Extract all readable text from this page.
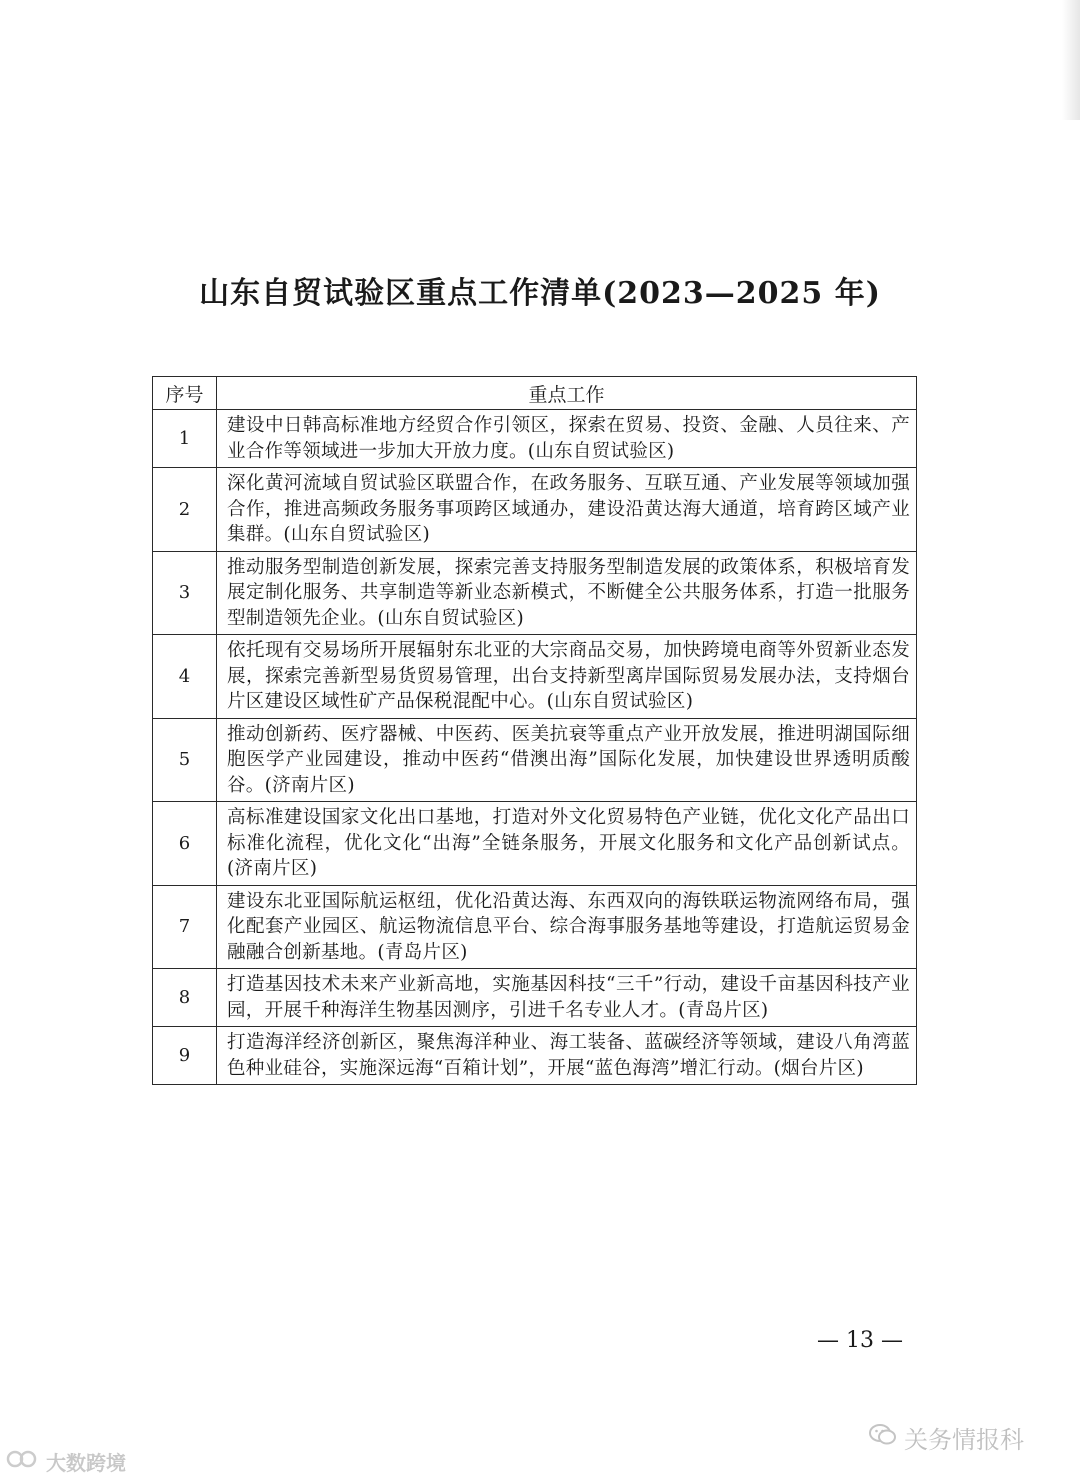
山东自贸试验区重点工作清单(2023—2025 年)
序号	重点工作
1	建设中日韩高标准地方经贸合作引领区，探索在贸易、投资、金融、人员往来、产业合作等领域进一步加大开放力度。(山东自贸试验区)
2	深化黄河流域自贸试验区联盟合作，在政务服务、互联互通、产业发展等领域加强合作，推进高频政务服务事项跨区域通办，建设沿黄达海大通道，培育跨区域产业集群。(山东自贸试验区)
3	推动服务型制造创新发展，探索完善支持服务型制造发展的政策体系，积极培育发展定制化服务、共享制造等新业态新模式，不断健全公共服务体系，打造一批服务型制造领先企业。(山东自贸试验区)
4	依托现有交易场所开展辐射东北亚的大宗商品交易，加快跨境电商等外贸新业态发展，探索完善新型易货贸易管理，出台支持新型离岸国际贸易发展办法，支持烟台片区建设区域性矿产品保税混配中心。(山东自贸试验区)
5	推动创新药、医疗器械、中医药、医美抗衰等重点产业开放发展，推进明湖国际细胞医学产业园建设，推动中医药“借澳出海”国际化发展，加快建设世界透明质酸谷。(济南片区)
6	高标准建设国家文化出口基地，打造对外文化贸易特色产业链，优化文化产品出口标准化流程，优化文化“出海”全链条服务，开展文化服务和文化产品创新试点。(济南片区)
7	建设东北亚国际航运枢纽，优化沿黄达海、东西双向的海铁联运物流网络布局，强化配套产业园区、航运物流信息平台、综合海事服务基地等建设，打造航运贸易金融融合创新基地。(青岛片区)
8	打造基因技术未来产业新高地，实施基因科技“三千”行动，建设千亩基因科技产业园，开展千种海洋生物基因测序，引进千名专业人才。(青岛片区)
9	打造海洋经济创新区，聚焦海洋种业、海工装备、蓝碳经济等领域，建设八角湾蓝色种业硅谷，实施深远海“百箱计划”，开展“蓝色海湾”增汇行动。(烟台片区)
— 13 —
关务情报科
大数跨境
